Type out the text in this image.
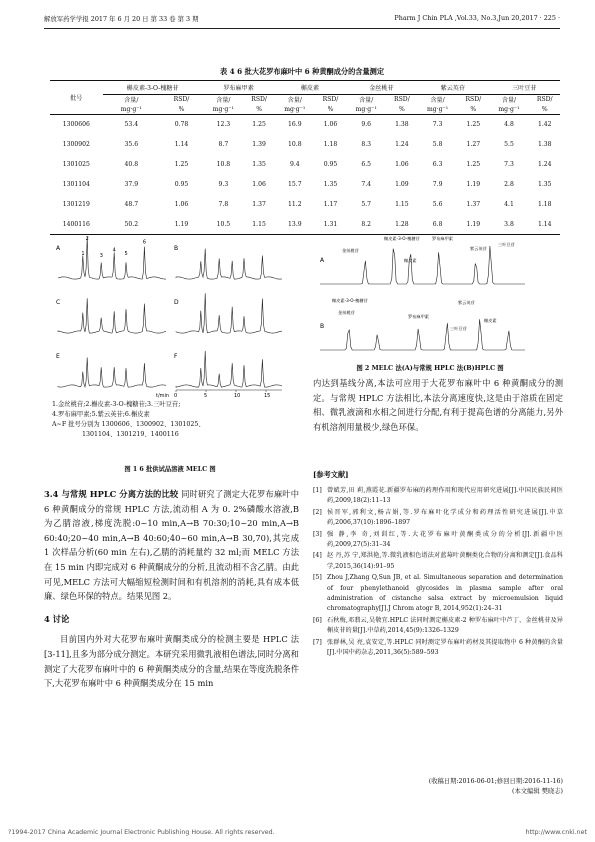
解放军药学学报 2017 年 6 月 20 日 第 33 卷 第 3 期	Pharm J Chin PLA ,Vol.33, No.3,Jun 20,2017 · 225 ·
表 4 6 批大花罗布麻叶中 6 种黄酮成分的含量测定
批号	槲皮素-3-O-槐糖苷		罗布麻甲素		槲皮素		金丝桃苷		紫云英苷		三叶豆苷	
	含量/	RSD/	含量/	RSD/	含量/	RSD/	含量/	RSD/	含量/	RSD/	含量/	RSD/
	mg·g⁻¹	%	mg·g⁻¹	%	mg·g⁻¹	%	mg·g⁻¹	%	mg·g⁻¹	%	mg·g⁻¹	%
1300606	53.4	0.78	12.3	1.25	16.9	1.06	9.6	1.38	7.3	1.25	4.8	1.42
1300902	35.6	1.14	8.7	1.39	10.8	1.18	8.3	1.24	5.8	1.27	5.5	1.38
1301025	40.8	1.25	10.8	1.35	9.4	0.95	6.5	1.06	6.3	1.25	7.3	1.24
1301104	37.9	0.95	9.3	1.06	15.7	1.35	7.4	1.09	7.9	1.19	2.8	1.35
1301219	48.7	1.06	7.8	1.37	11.2	1.17	5.7	1.15	5.6	1.37	4.1	1.18
1400116	50.2	1.19	10.5	1.15	13.9	1.31	8.2	1.28	6.8	1.19	3.8	1.14
A
1
2
3
4
5
6
B
C	D
E	F
0	5	10	15
t/min
1.金丝桃苷;2.槲皮素-3-O-槐糖苷;3.三叶豆苷;
4.罗布麻甲素;5.紫云英苷;6.槲皮素
A~F 批号分别为 1300606、1300902、1301025、
1301104、1301219、1400116
图 1 6 批供试品溶液 MELC 图
A
槲皮素-3-O-槐糖苷	罗布麻甲素
紫云英苷
金丝桃苷
槲皮素
三叶豆苷
B
槲皮素-3-O-槐糖苷
金丝桃苷
罗布麻甲素
紫云英苷
三叶豆苷
槲皮素
图 2 MELC 法(A)与常规 HPLC 法(B)HPLC 图

3.4 与常规 HPLC 分离方法的比较 同时研究了测定大花罗布麻叶中 6 种黄酮成分的常规 HPLC 方法,流动相 A 为 0. 2%磷酸水溶液,B 为乙腈溶液,梯度洗脱:0~10 min,A→B 70:30;10~20 min,A→B 60:40;20~40 min,A→B 40:60;40~60 min,A→B 30,70),其完成 1 次样品分析(60 min 左右),乙腈的消耗量约 32 ml;而 MELC 方法在 15 min 内即完成对 6 种黄酮成分的分析,且流动相不含乙腈。由此可见,MELC 方法可大幅缩短检测时间和有机溶剂的消耗,具有成本低廉、绿色环保的特点。结果见图 2。

4 讨论

目前国内外对大花罗布麻叶黄酮类成分的检测主要是 HPLC 法[3-11],且多为部分成分测定。本研究采用微乳液相色谱法,同时分离和测定了大花罗布麻叶中的 6 种黄酮类成分的含量,结果在等度洗脱条件下,大花罗布麻叶中 6 种黄酮类成分在 15 min

内达到基线分离,本法可应用于大花罗布麻叶中 6 种黄酮成分的测定。与常规 HPLC 方法相比,本法分离速度快,这是由于溶质在固定相、微乳液滴和水相之间进行分配,有利于提高色谱的分离能力,另外有机溶剂用量极少,绿色环保。

[参考文献]
[1] 曾斌芳,田 莉,燕霞花.新疆罗布麻的药理作用和现代应用研究进展[J].中国民族民间医药,2009,18(2):11–13
[2] 侯晋军,郭利文,杨吉娟,等.罗布麻叶化学成分和药理活性研究进展[J].中草药,2006,37(10):1896–1897
[3] 强 静,李 奇,刘训红,等.大花罗布麻叶黄酮类成分的分析[J].新疆中医药,2009,27(5):31–34
[4] 赵 丹,苏 宁,郑洪艳,等.微乳液相色谱法对蓝莓叶黄酮类化合物的分离和测定[J].食品科学,2015,36(14):91–95
[5] Zhou J,Zhang Q,Sun JB, et al. Simultaneous separation and determination of four phenylethanoid glycosides in plasma sample after oral administration of cistanche salsa extract by microemulsion liquid chromatography[J].J Chrom atogr B, 2014,952(1):24–31
[6] 石秋梅,邓翡云,吴敬宜.HPLC 法同时测定槲皮素-2 种罗布麻叶中芦丁、金丝桃苷及异槲皮苷的量[J].中草药,2014,45(9):1326–1329
[7] 张群林,吴 亮,袁安定,等.HPLC 同时测定罗布麻叶药材及其提取物中 6 种黄酮的含量[J].中国中药杂志,2011,36(5):589–593
(收稿日期:2016-06-01;修回日期:2016-11-16)
(本文编辑 樊晓志)
?1994-2017 China Academic Journal Electronic Publishing House. All rights reserved.	http://www.cnki.net
